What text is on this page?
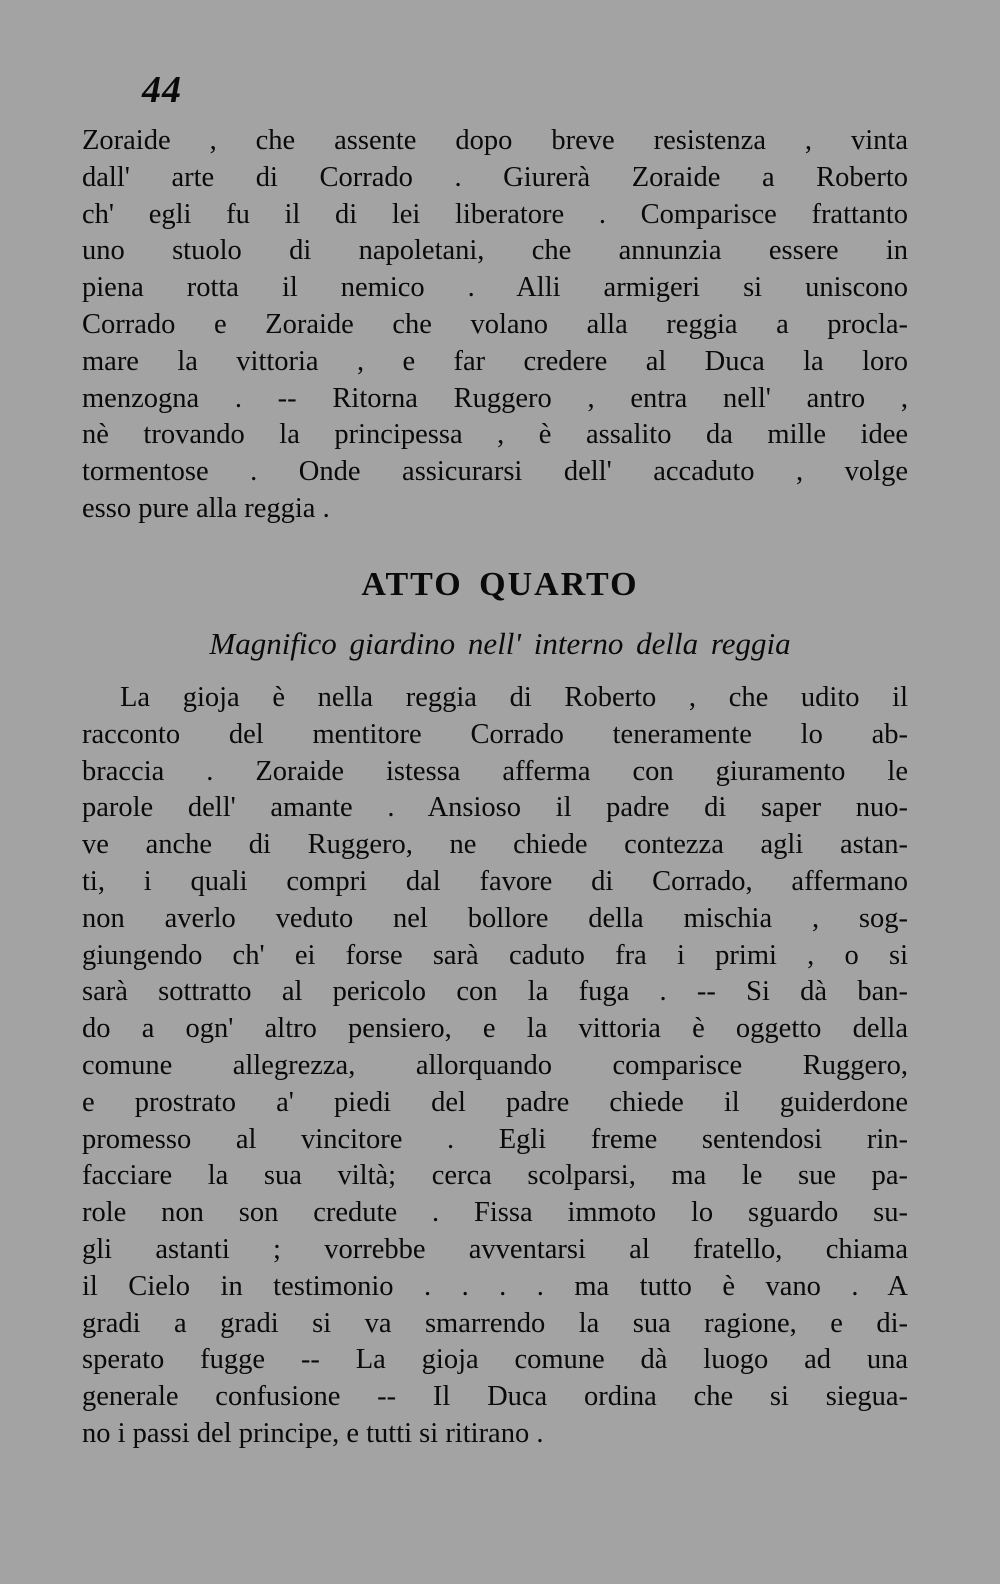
44
Zoraide , che assente dopo breve resistenza , vinta
dall' arte di Corrado . Giurerà Zoraide a Roberto
ch' egli fu il di lei liberatore . Comparisce frattanto
uno stuolo di napoletani, che annunzia essere in
piena rotta il nemico . Alli armigeri si uniscono
Corrado e Zoraide che volano alla reggia a procla-
mare la vittoria , e far credere al Duca la loro
menzogna . -- Ritorna Ruggero , entra nell' antro ,
nè trovando la principessa , è assalito da mille idee
tormentose . Onde assicurarsi dell' accaduto , volge
esso pure alla reggia .
ATTO QUARTO
Magnifico giardino nell' interno della reggia
La gioja è nella reggia di Roberto , che udito il
racconto del mentitore Corrado teneramente lo ab-
braccia . Zoraide istessa afferma con giuramento le
parole dell' amante . Ansioso il padre di saper nuo-
ve anche di Ruggero, ne chiede contezza agli astan-
ti, i quali compri dal favore di Corrado, affermano
non averlo veduto nel bollore della mischia , sog-
giungendo ch' ei forse sarà caduto fra i primi , o si
sarà sottratto al pericolo con la fuga . -- Si dà ban-
do a ogn' altro pensiero, e la vittoria è oggetto della
comune allegrezza, allorquando comparisce Ruggero,
e prostrato a' piedi del padre chiede il guiderdone
promesso al vincitore . Egli freme sentendosi rin-
facciare la sua viltà; cerca scolparsi, ma le sue pa-
role non son credute . Fissa immoto lo sguardo su-
gli astanti ; vorrebbe avventarsi al fratello, chiama
il Cielo in testimonio . . . . ma tutto è vano . A
gradi a gradi si va smarrendo la sua ragione, e di-
sperato fugge -- La gioja comune dà luogo ad una
generale confusione -- Il Duca ordina che si siegua-
no i passi del principe, e tutti si ritirano .
